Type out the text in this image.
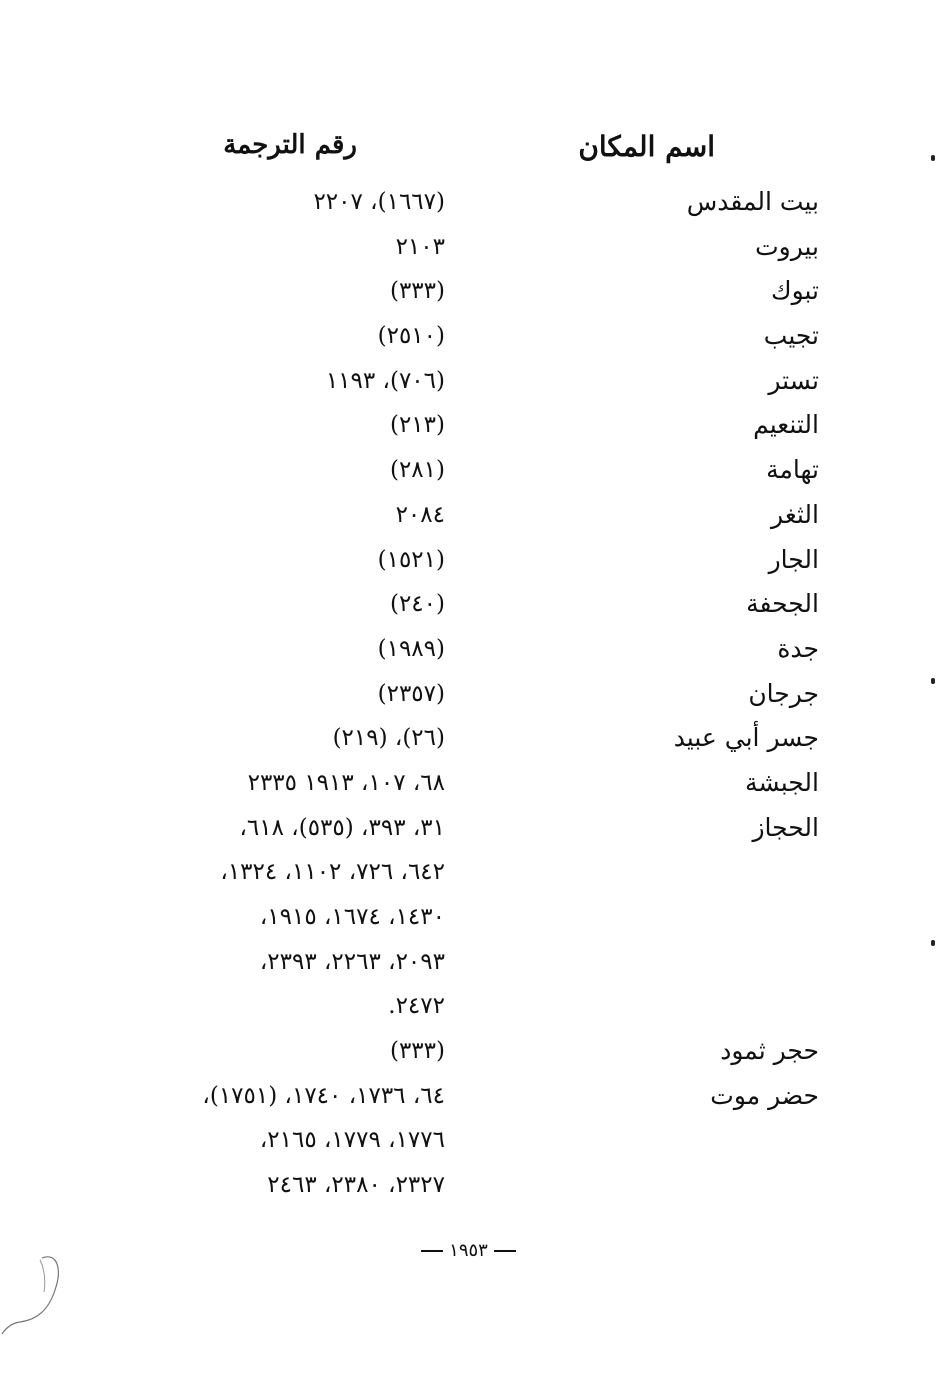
اسم المكان
رقم الترجمة
بيت المقدس
(١٦٦٧)، ٢٢٠٧
بيروت
٢١٠٣
تبوك
(٣٣٣)
تجيب
(٢٥١٠)
تستر
(٧٠٦)، ١١٩٣
التنعيم
(٢١٣)
تهامة
(٢٨١)
الثغر
٢٠٨٤
الجار
(١٥٢١)
الجحفة
(٢٤٠)
جدة
(١٩٨٩)
جرجان
(٢٣٥٧)
جسر أبي عبيد
(٢٦)، (٢١٩)
الجبشة
٦٨، ١٠٧، ١٩١٣ ٢٣٣٥
الحجاز
٣١، ٣٩٣، (٥٣٥)، ٦١٨،
٦٤٢، ٧٢٦، ١١٠٢، ١٣٢٤،
١٤٣٠، ١٦٧٤، ١٩١٥،
٢٠٩٣، ٢٢٦٣، ٢٣٩٣،
٢٤٧٢.
حجر ثمود
(٣٣٣)
حضر موت
٦٤، ١٧٣٦، ١٧٤٠، (١٧٥١)،
١٧٧٦، ١٧٧٩، ٢١٦٥،
٢٣٢٧، ٢٣٨٠، ٢٤٦٣
١٩٥٣
